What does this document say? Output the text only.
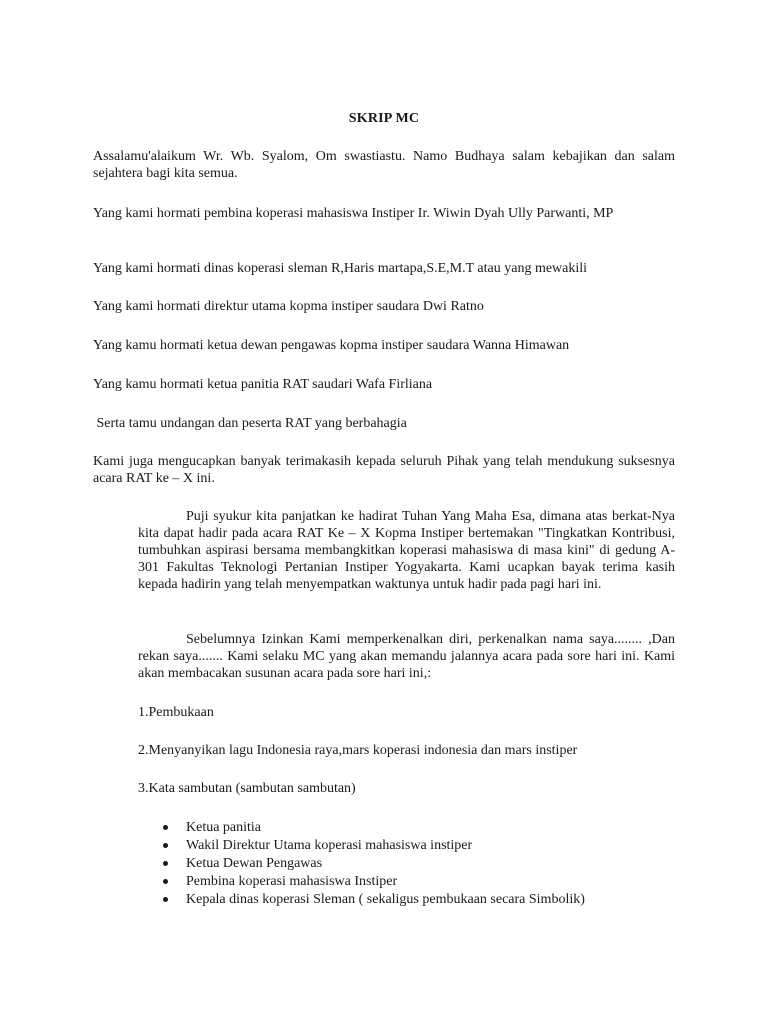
SKRIP MC

Assalamu'alaikum Wr. Wb. Syalom, Om swastiastu. Namo Budhaya salam kebajikan dan salam sejahtera bagi kita semua.

Yang kami hormati pembina koperasi mahasiswa Instiper Ir. Wiwin Dyah Ully Parwanti, MP

Yang kami hormati dinas koperasi sleman R,Haris martapa,S.E,M.T atau yang mewakili

Yang kami hormati direktur utama kopma instiper saudara Dwi Ratno

Yang kamu hormati ketua dewan pengawas kopma instiper saudara Wanna Himawan

Yang kamu hormati ketua panitia RAT saudari Wafa Firliana

Serta tamu undangan dan peserta RAT yang berbahagia

Kami juga mengucapkan banyak terimakasih kepada seluruh Pihak yang telah mendukung suksesnya acara RAT ke – X ini.

Puji syukur kita panjatkan ke hadirat Tuhan Yang Maha Esa, dimana atas berkat-Nya kita dapat hadir pada acara RAT Ke – X Kopma Instiper bertemakan "Tingkatkan Kontribusi, tumbuhkan aspirasi bersama membangkitkan koperasi mahasiswa di masa kini" di gedung A-301 Fakultas Teknologi Pertanian Instiper Yogyakarta. Kami ucapkan bayak terima kasih kepada hadirin yang telah menyempatkan waktunya untuk hadir pada pagi hari ini.

Sebelumnya Izinkan Kami memperkenalkan diri, perkenalkan nama saya........ ,Dan rekan saya....... Kami selaku MC yang akan memandu jalannya acara pada sore hari ini. Kami akan membacakan susunan acara pada sore hari ini,:

1.Pembukaan

2.Menyanyikan lagu Indonesia raya,mars koperasi indonesia dan mars instiper

3.Kata sambutan (sambutan sambutan)

Ketua panitia
Wakil Direktur Utama koperasi mahasiswa instiper
Ketua Dewan Pengawas
Pembina koperasi mahasiswa Instiper
Kepala dinas koperasi Sleman ( sekaligus pembukaan secara Simbolik)
